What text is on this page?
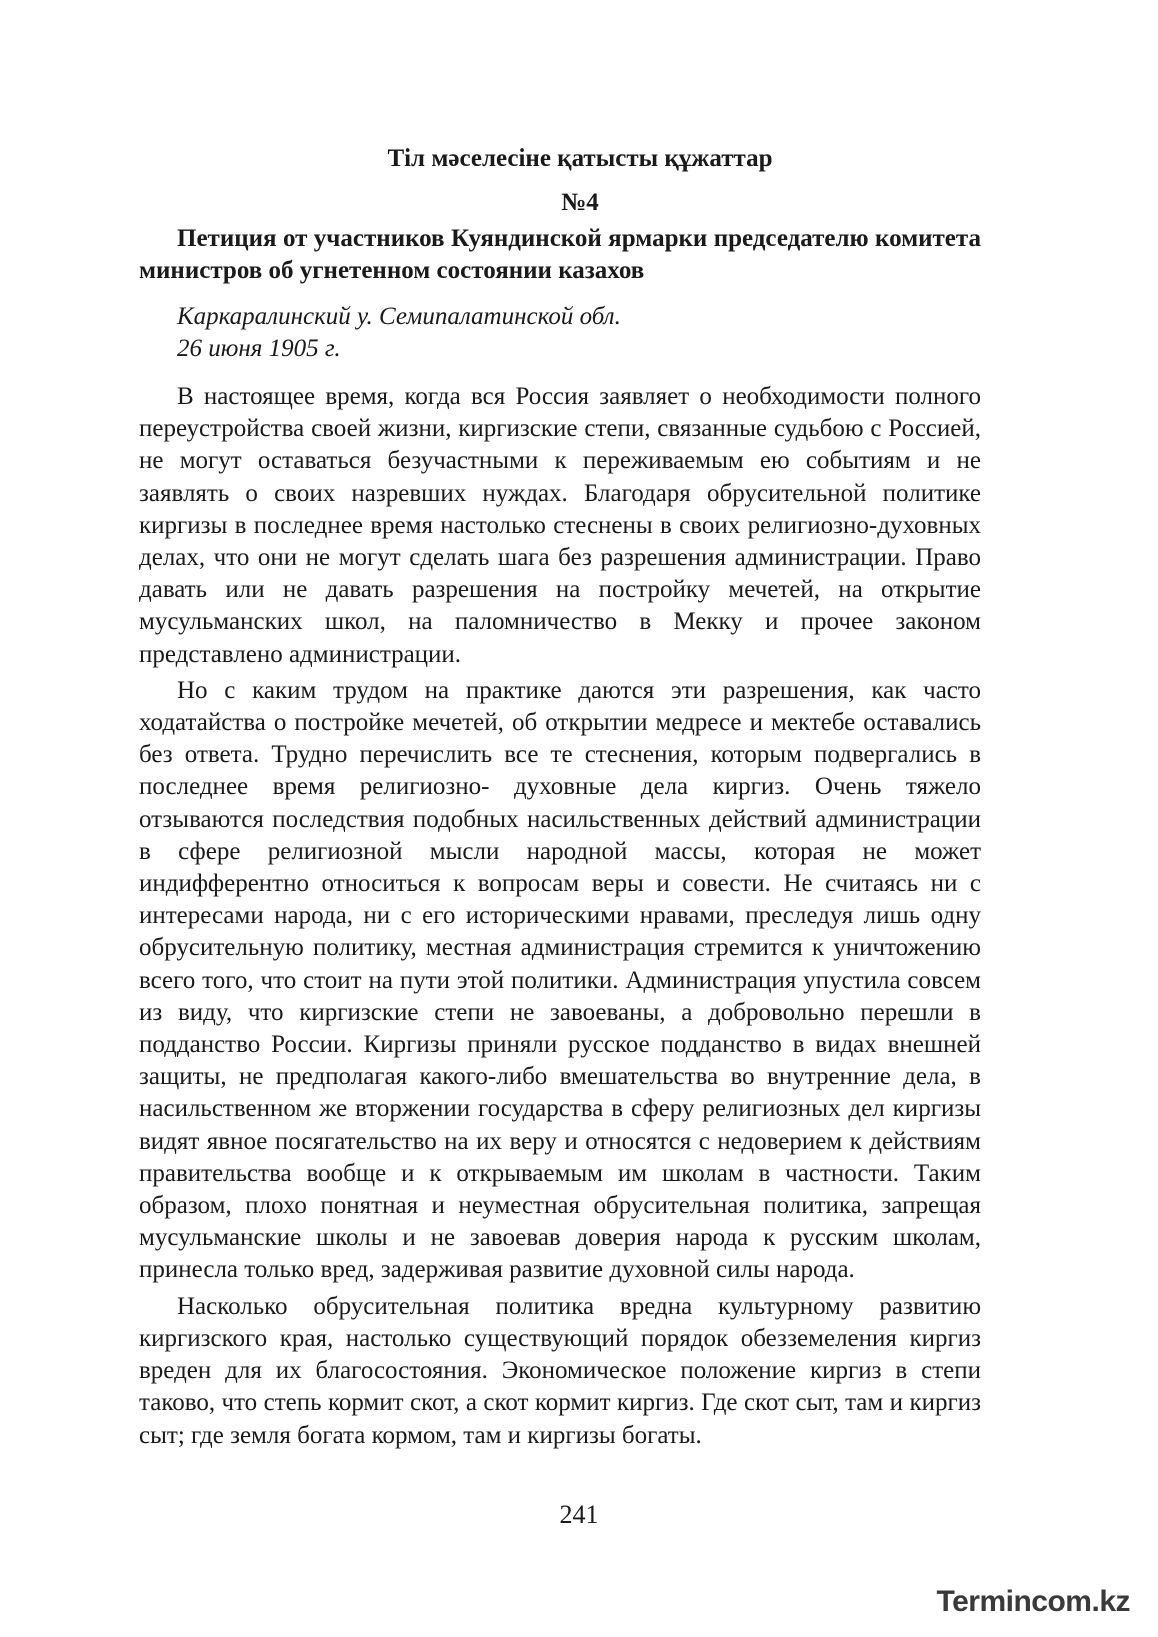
Тіл мәселесіне қатысты құжаттар
№4
Петиция от участников Куяндинской ярмарки председателю комитета министров об угнетенном состоянии казахов
Каркаралинский у. Семипалатинской обл.
26 июня 1905 г.

В настоящее время, когда вся Россия заявляет о необходимости полного переустройства своей жизни, киргизские степи, связанные судьбою с Россией, не могут оставаться безучастными к переживаемым ею событиям и не заявлять о своих назревших нуждах. Благодаря обрусительной политике киргизы в последнее время настолько стеснены в своих религиозно-духовных делах, что они не могут сделать шага без разрешения администрации. Право давать или не давать разрешения на постройку мечетей, на открытие мусульманских школ, на паломничество в Мекку и прочее законом представлено администрации.

Но с каким трудом на практике даются эти разрешения, как часто ходатайства о постройке мечетей, об открытии медресе и мектебе оставались без ответа. Трудно перечислить все те стеснения, которым подвергались в последнее время религиозно- духовные дела киргиз. Очень тяжело отзываются последствия подобных насильственных действий администрации в сфере религиозной мысли народной массы, которая не может индифферентно относиться к вопросам веры и совести. Не считаясь ни с интересами народа, ни с его историческими нравами, преследуя лишь одну обрусительную политику, местная администрация стремится к уничтожению всего того, что стоит на пути этой политики. Администрация упустила совсем из виду, что киргизские степи не завоеваны, а добровольно перешли в подданство России. Киргизы приняли русское подданство в видах внешней защиты, не предполагая какого-либо вмешательства во внутренние дела, в насильственном же вторжении государства в сферу религиозных дел киргизы видят явное посягательство на их веру и относятся с недоверием к действиям правительства вообще и к открываемым им школам в частности. Таким образом, плохо понятная и неуместная обрусительная политика, запрещая мусульманские школы и не завоевав доверия народа к русским школам, принесла только вред, задерживая развитие духовной силы народа.

Насколько обрусительная политика вредна культурному развитию киргизского края, настолько существующий порядок обезземеления киргиз вреден для их благосостояния. Экономическое положение киргиз в степи таково, что степь кормит скот, а скот кормит киргиз. Где скот сыт, там и киргиз сыт; где земля богата кормом, там и киргизы богаты.

241
Termincom.kz
